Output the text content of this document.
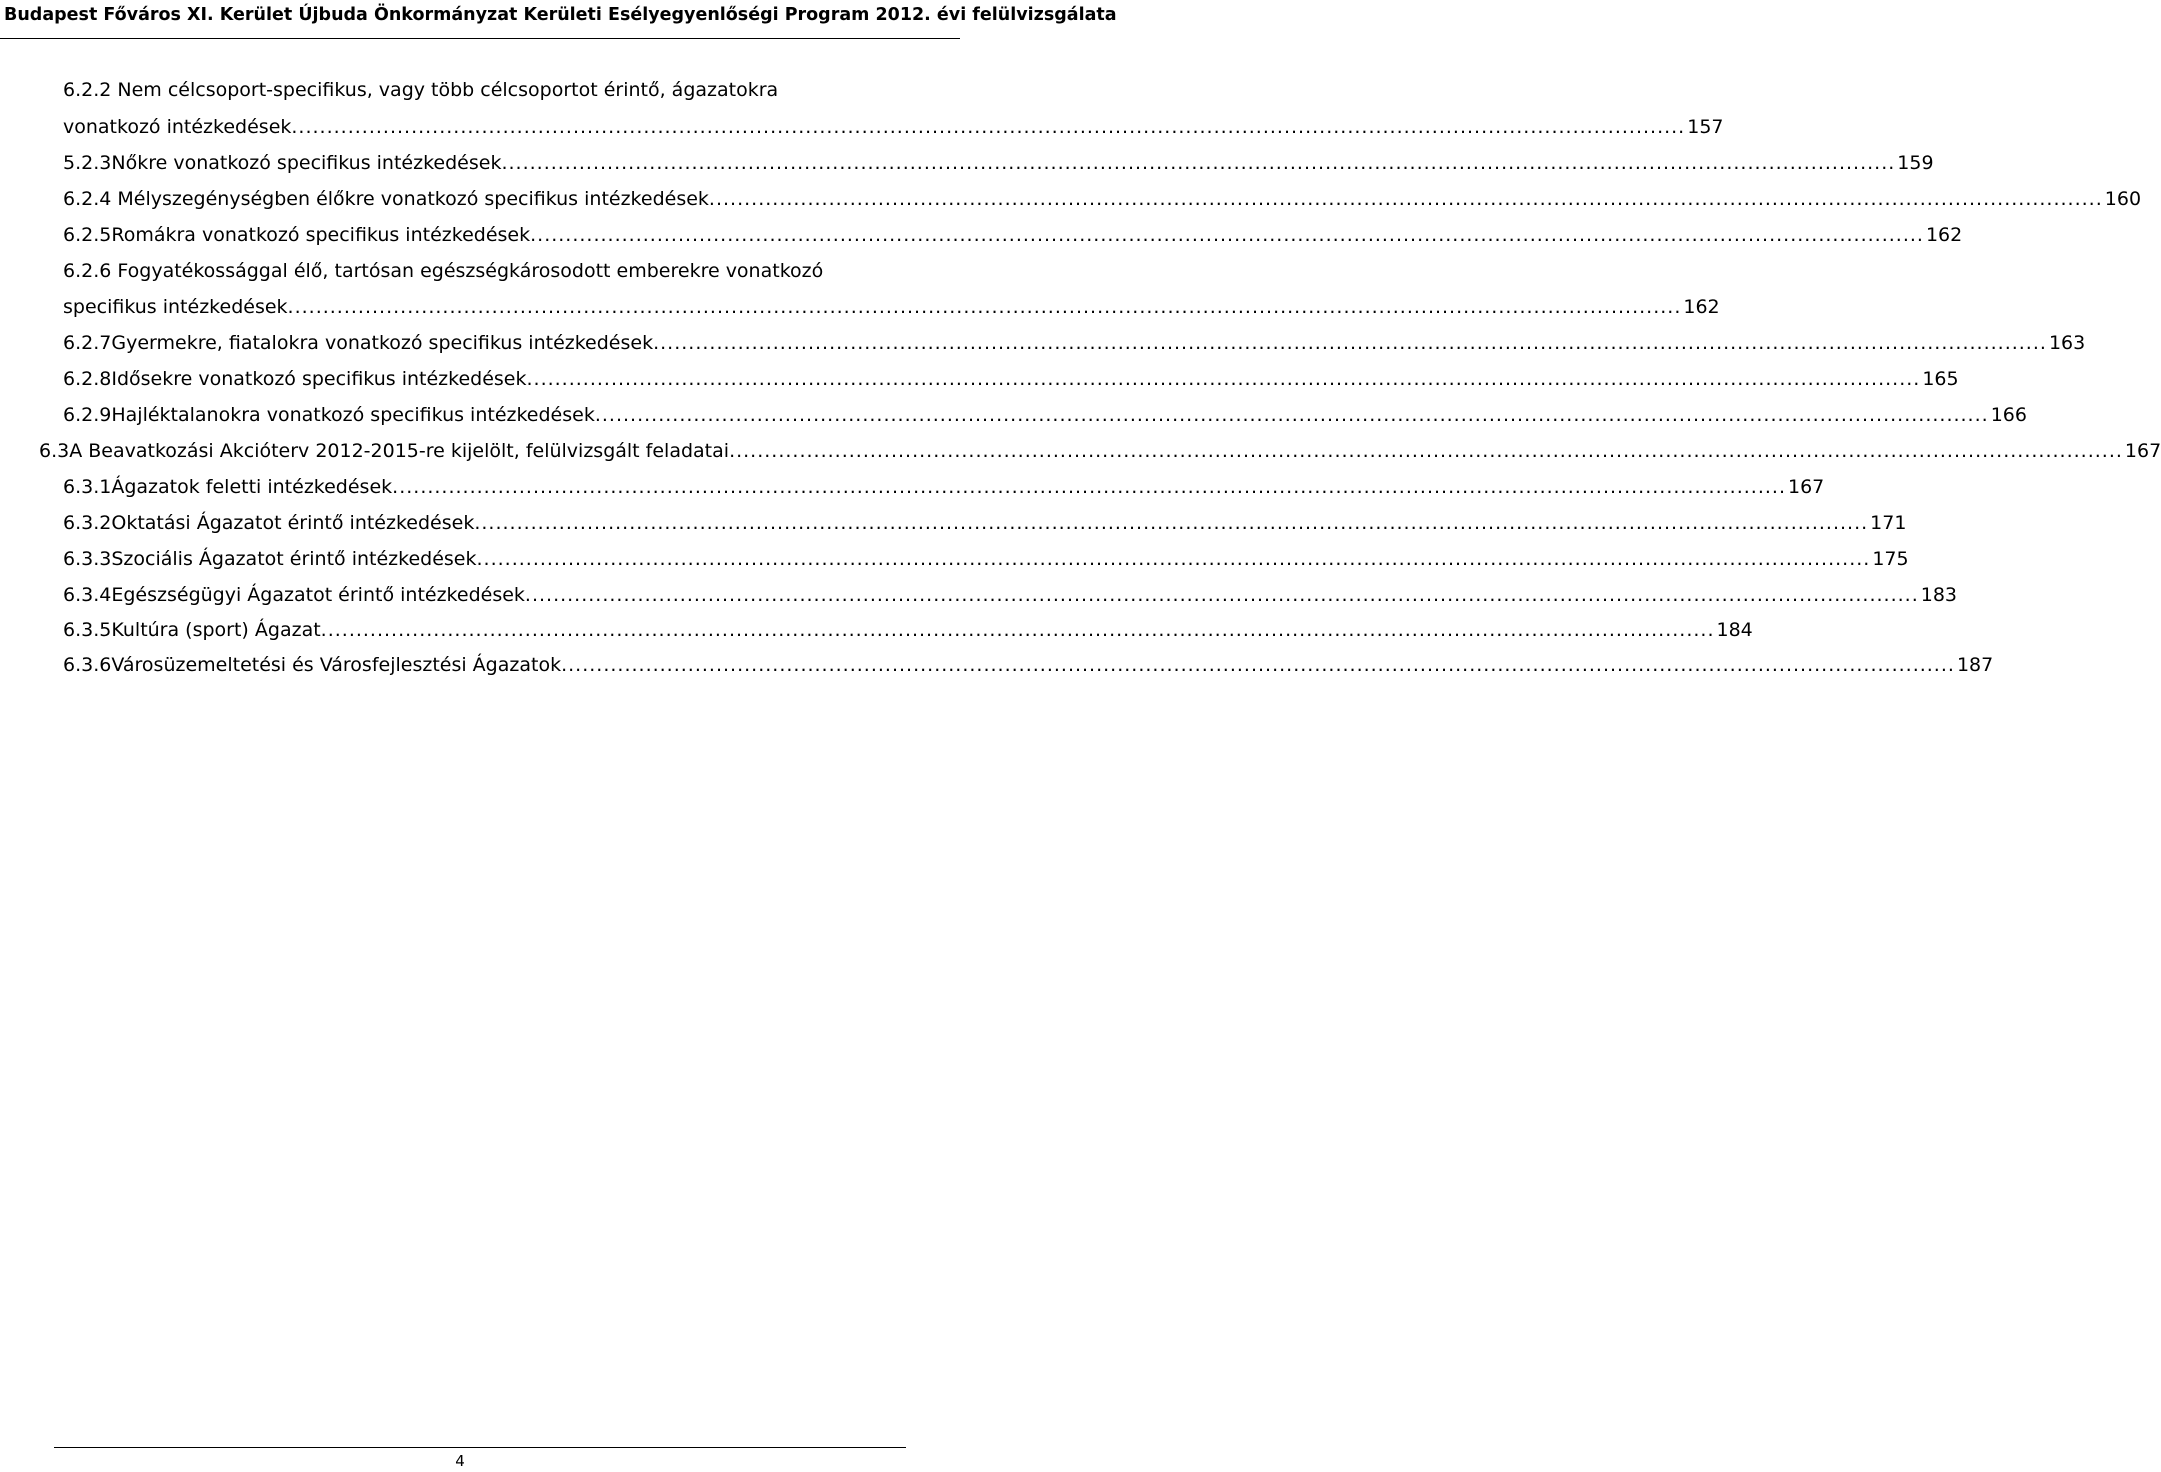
Budapest Főváros XI. Kerület Újbuda Önkormányzat Kerületi Esélyegyenlőségi Program 2012. évi felülvizsgálata
6.2.2 Nem célcsoport-specifikus, vagy több célcsoportot érintő, ágazatokra
vonatkozó intézkedések .....	157
5.2.3 Nőkre vonatkozó specifikus intézkedések .....	159
6.2.4 Mélyszegénységben élőkre vonatkozó specifikus intézkedések .....	160
6.2.5 Romákra vonatkozó specifikus intézkedések .....	162
6.2.6 Fogyatékossággal élő, tartósan egészségkárosodott emberekre vonatkozó
specifikus intézkedések .....	162
6.2.7 Gyermekre, fiatalokra vonatkozó specifikus intézkedések .....	163
6.2.8 Idősekre vonatkozó specifikus intézkedések .....	165
6.2.9 Hajléktalanokra vonatkozó specifikus intézkedések .....	166
6.3 A Beavatkozási Akcióterv 2012-2015-re kijelölt, felülvizsgált feladatai .....	167
6.3.1 Ágazatok feletti intézkedések .....	167
6.3.2 Oktatási Ágazatot érintő intézkedések .....	171
6.3.3 Szociális Ágazatot érintő intézkedések .....	175
6.3.4 Egészségügyi Ágazatot érintő intézkedések .....	183
6.3.5 Kultúra (sport) Ágazat .....	184
6.3.6 Városüzemeltetési és Városfejlesztési Ágazatok .....	187
4
